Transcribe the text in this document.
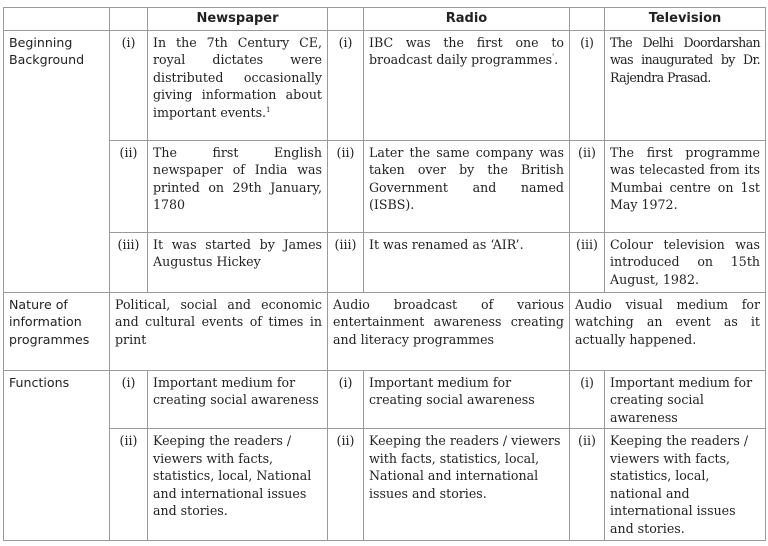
		Newspaper		Radio		Television
Beginning Background	(i)	In the 7th Century CE, royal dictates were distributed occasionally giving information about important events.$^1$	(i)	IBC was the first one to broadcast daily programmes'.	(i)	The Delhi Doordarshan was inaugurated by Dr. Rajendra Prasad.
	(ii)	The first English newspaper of India was printed on 29th January, 1780	(ii)	Later the same company was taken over by the British Government and named (ISBS).	(ii)	The first programme was telecasted from its Mumbai centre on 1st May 1972.
	(iii)	It was started by James Augustus Hickey	(iii)	It was renamed as ‘AIR’.	(iii)	Colour television was introduced on 15th August, 1982.
Nature of information programmes	Political, social and economic and cultural events of times in print		Audio broadcast of various entertainment awareness creating and literacy programmes		Audio visual medium for watching an event as it actually happened.	
Functions	(i)	Important medium for creating social awareness	(i)	Important medium for creating social awareness	(i)	Important medium for creating social awareness
	(ii)	Keeping the readers / viewers with facts, statistics, local, National and international issues and stories.	(ii)	Keeping the readers / viewers with facts, statistics, local, National and international issues and stories.	(ii)	Keeping the readers / viewers with facts, statistics, local, national and international issues and stories.
